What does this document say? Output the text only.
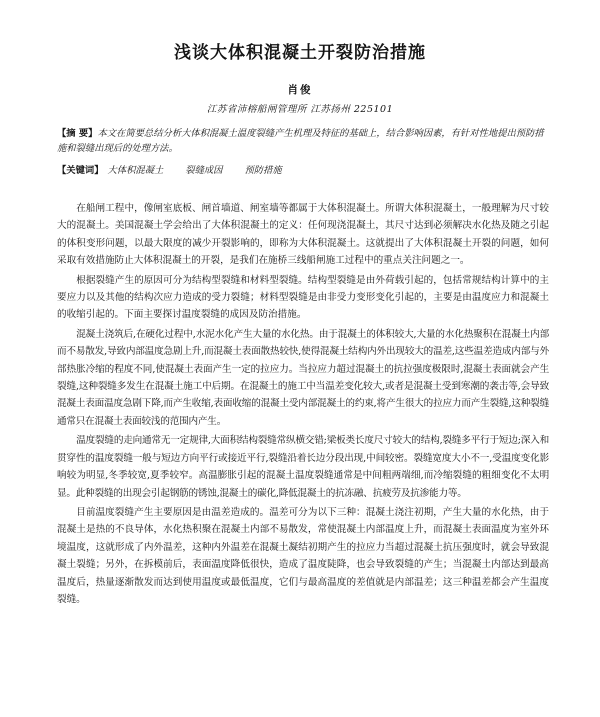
浅谈大体积混凝土开裂防治措施
肖俊
江苏省沛榕船闸管理所 江苏扬州 225101
【摘 要】本文在简要总结分析大体积混凝土温度裂缝产生机理及特征的基础上，结合影响因素，有针对性地提出预防措施和裂缝出现后的处理方法。
【关键词】 大体积混凝土 裂缝成因 预防措施

在船闸工程中，像闸室底板、闸首墙道、闸室墙等都属于大体积混凝土。所谓大体积混凝土，一般理解为尺寸较大的混凝土。美国混凝土学会给出了大体积混凝土的定义：任何现浇混凝土，其尺寸达到必须解决水化热及随之引起的体积变形问题，以最大限度的减少开裂影响的，即称为大体积混凝土。这就提出了大体积混凝土开裂的问题，如何采取有效措施防止大体积混凝土的开裂，是我们在施桥三线船闸施工过程中的重点关注问题之一。

根据裂缝产生的原因可分为结构型裂缝和材料型裂缝。结构型裂缝是由外荷载引起的，包括常规结构计算中的主要应力以及其他的结构次应力造成的受力裂缝；材料型裂缝是由非受力变形变化引起的，主要是由温度应力和混凝土的收缩引起的。下面主要探讨温度裂缝的成因及防治措施。

混凝土浇筑后,在硬化过程中,水泥水化产生大量的水化热。由于混凝土的体积较大,大量的水化热聚积在混凝土内部而不易散发,导致内部温度急剧上升,而混凝土表面散热较快,使得混凝土结构内外出现较大的温差,这些温差造成内部与外部热胀冷缩的程度不同,使混凝土表面产生一定的拉应力。当拉应力超过混凝土的抗拉强度极限时,混凝土表面就会产生裂缝,这种裂缝多发生在混凝土施工中后期。在混凝土的施工中当温差变化较大,或者是混凝土受到寒潮的袭击等,会导致混凝土表面温度急剧下降,而产生收缩,表面收缩的混凝土受内部混凝土的约束,将产生很大的拉应力而产生裂缝,这种裂缝通常只在混凝土表面较浅的范围内产生。

温度裂缝的走向通常无一定规律,大面积结构裂缝常纵横交错;梁板类长度尺寸较大的结构,裂缝多平行于短边;深入和贯穿性的温度裂缝一般与短边方向平行或接近平行,裂缝沿着长边分段出现,中间较密。裂缝宽度大小不一,受温度变化影响较为明显,冬季较宽,夏季较窄。高温膨胀引起的混凝土温度裂缝通常是中间粗两端细,而冷缩裂缝的粗细变化不太明显。此种裂缝的出现会引起钢筋的锈蚀,混凝土的碳化,降低混凝土的抗冻融、抗疲劳及抗渗能力等。

目前温度裂缝产生主要原因是由温差造成的。温差可分为以下三种：混凝土浇注初期，产生大量的水化热，由于混凝土是热的不良导体，水化热积聚在混凝土内部不易散发，常使混凝土内部温度上升，而混凝土表面温度为室外环境温度，这就形成了内外温差，这种内外温差在混凝土凝结初期产生的拉应力当超过混凝土抗压强度时，就会导致混凝土裂缝；另外，在拆模前后，表面温度降低很快，造成了温度陡降，也会导致裂缝的产生；当混凝土内部达到最高温度后，热量逐渐散发而达到使用温度或最低温度，它们与最高温度的差值就是内部温差；这三种温差都会产生温度裂缝。
